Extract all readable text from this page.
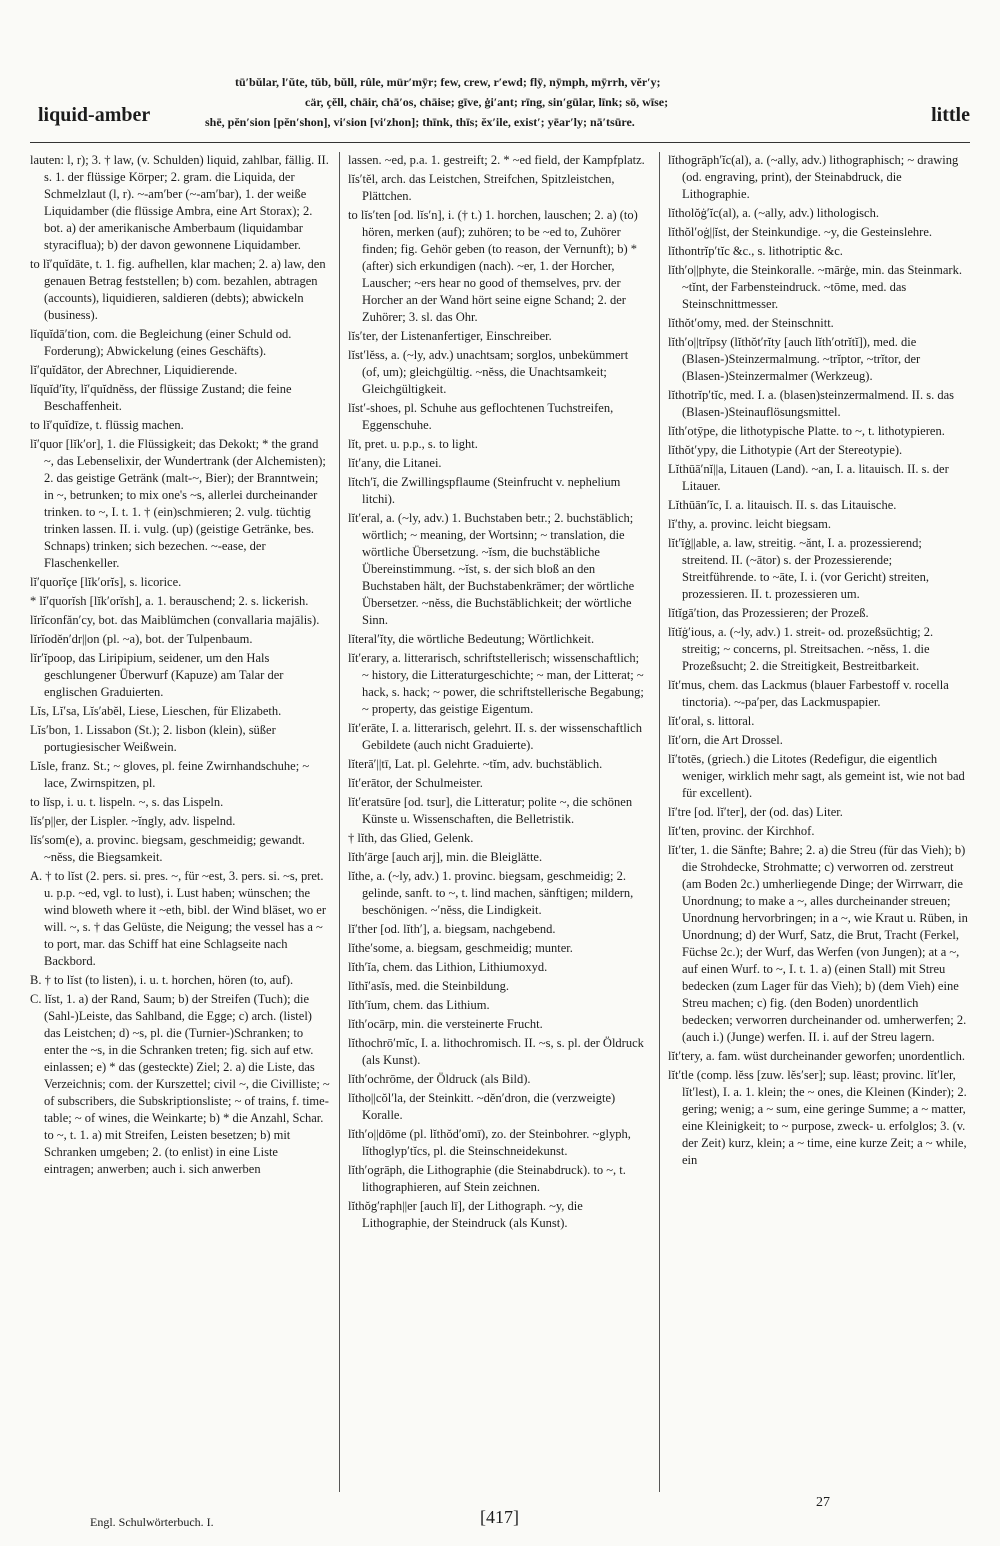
liquid-amber
tū′bŭlar, l′ŭte, tŭb, bŭll, rûle, mür′mȳr; few, crew, r′ewd; flȳ, nȳmph, mȳrrh, vĕr′y;
cär, çĕll, chāir, chā′os, chāise; gīve, ġi′ant; rīng, sin′gūlar, līnk; sō, wīse;
shē, pĕn′sion [pĕn′shon], vi′sion [vi′zhon]; thīnk, thīs; ĕx′ile, exist′; yēar′ly; nā′tsūre.	little

lauten: l, r); 3. † law, (v. Schulden) liquid, zahlbar, fällig. II. s. 1. der flüssige Körper; 2. gram. die Liquida, der Schmelzlaut (l, r). ~-am′ber (~-am′bar), 1. der weiße Liquidamber (die flüssige Ambra, eine Art Storax); 2. bot. a) der amerikanische Amberbaum (liquidambar styraciflua); b) der davon gewonnene Liquidamber.

to lĭ′quĭdāte, t. 1. fig. aufhellen, klar machen; 2. a) law, den genauen Betrag feststellen; b) com. bezahlen, abtragen (accounts), liquidieren, saldieren (debts); abwickeln (business).

lĭquĭdā′tion, com. die Begleichung (einer Schuld od. Forderung); Abwickelung (eines Geschäfts).

lĭ′quĭdātor, der Abrechner, Liquidierende.

lĭquĭd′ĭty, lĭ′quĭdnĕss, der flüssige Zustand; die feine Beschaffenheit.

to lĭ′quĭdīze, t. flüssig machen.

lĭ′quor [lĭk′or], 1. die Flüssigkeit; das Dekokt; * the grand ~, das Lebenselixir, der Wundertrank (der Alchemisten); 2. das geistige Getränk (malt-~, Bier); der Branntwein; in ~, betrunken; to mix one's ~s, allerlei durcheinander trinken. to ~, I. t. 1. † (ein)schmieren; 2. vulg. tüchtig trinken lassen. II. i. vulg. (up) (geistige Getränke, bes. Schnaps) trinken; sich bezechen. ~-ease, der Flaschenkeller.

lĭ′quorĭçe [lĭk′orĭs], s. licorice.

* lĭ′quorĭsh [lĭk′orĭsh], a. 1. berauschend; 2. s. lickerish.

lĭrĭconfăn′cy, bot. das Maiblümchen (convallaria majālis).

lĭrĭodĕn′dr||on (pl. ~a), bot. der Tulpenbaum.

lĭr′ĭpoop, das Liripipium, seidener, um den Hals geschlungener Überwurf (Kapuze) am Talar der englischen Graduierten.

Lĭs, Lĭ′sa, Lĭs′abĕl, Liese, Lieschen, für Elizabeth.

Lĭs′bon, 1. Lissabon (St.); 2. lisbon (klein), süßer portugiesischer Weißwein.

Lĭsle, franz. St.; ~ gloves, pl. feine Zwirnhandschuhe; ~ lace, Zwirnspitzen, pl.

to lĭsp, i. u. t. lispeln. ~, s. das Lispeln.

lĭs′p||er, der Lispler. ~ĭngly, adv. lispelnd.

lĭs′som(e), a. provinc. biegsam, geschmeidig; gewandt. ~nĕss, die Biegsamkeit.

A. † to lĭst (2. pers. si. pres. ~, für ~est, 3. pers. si. ~s, pret. u. p.p. ~ed, vgl. to lust), i. Lust haben; wünschen; the wind bloweth where it ~eth, bibl. der Wind bläset, wo er will. ~, s. † das Gelüste, die Neigung; the vessel has a ~ to port, mar. das Schiff hat eine Schlagseite nach Backbord.

B. † to lĭst (to listen), i. u. t. horchen, hören (to, auf).

C. lĭst, 1. a) der Rand, Saum; b) der Streifen (Tuch); die (Sahl-)Leiste, das Sahlband, die Egge; c) arch. (listel) das Leistchen; d) ~s, pl. die (Turnier-)Schranken; to enter the ~s, in die Schranken treten; fig. sich auf etw. einlassen; e) * das (gesteckte) Ziel; 2. a) die Liste, das Verzeichnis; com. der Kurszettel; civil ~, die Civilliste; ~ of subscribers, die Subskriptionsliste; ~ of trains, f. time-table; ~ of wines, die Weinkarte; b) * die Anzahl, Schar. to ~, t. 1. a) mit Streifen, Leisten besetzen; b) mit Schranken umgeben; 2. (to enlist) in eine Liste eintragen; anwerben; auch i. sich anwerben

lassen. ~ed, p.a. 1. gestreift; 2. * ~ed field, der Kampfplatz.

lĭs′tĕl, arch. das Leistchen, Streifchen, Spitzleistchen, Plättchen.

to lĭs′ten [od. lĭs′n], i. († t.) 1. horchen, lauschen; 2. a) (to) hören, merken (auf); zuhören; to be ~ed to, Zuhörer finden; fig. Gehör geben (to reason, der Vernunft); b) * (after) sich erkundigen (nach). ~er, 1. der Horcher, Lauscher; ~ers hear no good of themselves, prv. der Horcher an der Wand hört seine eigne Schand; 2. der Zuhörer; 3. sl. das Ohr.

lĭs′ter, der Listenanfertiger, Einschreiber.

lĭst′lĕss, a. (~ly, adv.) unachtsam; sorglos, unbekümmert (of, um); gleichgültig. ~nĕss, die Unachtsamkeit; Gleichgültigkeit.

lĭst′-shoes, pl. Schuhe aus geflochtenen Tuchstreifen, Eggenschuhe.

lĭt, pret. u. p.p., s. to light.

lĭt′any, die Litanei.

lĭtch′ĭ, die Zwillingspflaume (Steinfrucht v. nephelium litchi).

lĭt′eral, a. (~ly, adv.) 1. Buchstaben betr.; 2. buchstäblich; wörtlich; ~ meaning, der Wortsinn; ~ translation, die wörtliche Übersetzung. ~ĭsm, die buchstäbliche Übereinstimmung. ~ĭst, s. der sich bloß an den Buchstaben hält, der Buchstabenkrämer; der wörtliche Übersetzer. ~nĕss, die Buchstäblichkeit; der wörtliche Sinn.

lĭteral′ĭty, die wörtliche Bedeutung; Wörtlichkeit.

lĭt′erary, a. litterarisch, schriftstellerisch; wissenschaftlich; ~ history, die Litteraturgeschichte; ~ man, der Litterat; ~ hack, s. hack; ~ power, die schriftstellerische Begabung; ~ property, das geistige Eigentum.

lĭt′erāte, I. a. litterarisch, gelehrt. II. s. der wissenschaftlich Gebildete (auch nicht Graduierte).

lĭterā′||tī, Lat. pl. Gelehrte. ~tĭm, adv. buchstäblich.

lĭt′erātor, der Schulmeister.

lĭt′eratsūre [od. tsur], die Litteratur; polite ~, die schönen Künste u. Wissenschaften, die Belletristik.

† lĭth, das Glied, Gelenk.

lĭth′ārge [auch arj], min. die Bleiglätte.

lĭthe, a. (~ly, adv.) 1. provinc. biegsam, geschmeidig; 2. gelinde, sanft. to ~, t. lind machen, sänftigen; mildern, beschönigen. ~′nĕss, die Lindigkeit.

lĭ′ther [od. lĭth′], a. biegsam, nachgebend.

lĭthe′some, a. biegsam, geschmeidig; munter.

lĭth′ĭa, chem. das Lithion, Lithiumoxyd.

lĭthĭ′asĭs, med. die Steinbildung.

lĭth′ĭum, chem. das Lithium.

lĭth′ocārp, min. die versteinerte Frucht.

lĭthochrō′mĭc, I. a. lithochromisch. II. ~s, s. pl. der Öldruck (als Kunst).

lĭth′ochrōme, der Öldruck (als Bild).

lĭtho||cŏl′la, der Steinkitt. ~dĕn′dron, die (verzweigte) Koralle.

lĭth′o||dōme (pl. lĭthŏd′omī), zo. der Steinbohrer. ~glyph, lĭthoglyp′tĭcs, pl. die Steinschneidekunst.

lĭth′ogrāph, die Lithographie (die Steinabdruck). to ~, t. lithographieren, auf Stein zeichnen.

lĭthŏg′raph||er [auch lī], der Lithograph. ~y, die Lithographie, der Steindruck (als Kunst).

lĭthogrāph′ĭc(al), a. (~ally, adv.) lithographisch; ~ drawing (od. engraving, print), der Steinabdruck, die Lithographie.

lĭtholŏġ′ĭc(al), a. (~ally, adv.) lithologisch.

lĭthŏl′oġ||ĭst, der Steinkundige. ~y, die Gesteinslehre.

lĭthontrĭp′tĭc &c., s. lithotriptic &c.

lĭth′o||phyte, die Steinkoralle. ~mārġe, min. das Steinmark. ~tĭnt, der Farbensteindruck. ~tōme, med. das Steinschnittmesser.

lĭthŏt′omy, med. der Steinschnitt.

lĭth′o||trĭpsy (lĭthŏt′rĭty [auch lĭth′otrĭtĭ]), med. die (Blasen-)Steinzermalmung. ~trĭptor, ~trĭtor, der (Blasen-)Steinzermalmer (Werkzeug).

lĭthotrĭp′tĭc, med. I. a. (blasen)steinzermalmend. II. s. das (Blasen-)Steinauflösungsmittel.

lĭth′otȳpe, die lithotypische Platte. to ~, t. lithotypieren.

lĭthŏt′ypy, die Lithotypie (Art der Stereotypie).

Lĭthūā′nĭ||a, Litauen (Land). ~an, I. a. litauisch. II. s. der Litauer.

Lĭthūān′ĭc, I. a. litauisch. II. s. das Litauische.

lĭ′thy, a. provinc. leicht biegsam.

lĭt′ĭġ||able, a. law, streitig. ~ănt, I. a. prozessierend; streitend. II. (~ātor) s. der Prozessierende; Streitführende. to ~āte, I. i. (vor Gericht) streiten, prozessieren. II. t. prozessieren um.

lĭtĭgā′tion, das Prozessieren; der Prozeß.

lĭtĭġ′ious, a. (~ly, adv.) 1. streit- od. prozeßsüchtig; 2. streitig; ~ concerns, pl. Streitsachen. ~nĕss, 1. die Prozeßsucht; 2. die Streitigkeit, Bestreitbarkeit.

lĭt′mus, chem. das Lackmus (blauer Farbestoff v. rocella tinctoria). ~-pa′per, das Lackmuspapier.

lĭt′oral, s. littoral.

lĭt′orn, die Art Drossel.

lĭ′totēs, (griech.) die Litotes (Redefigur, die eigentlich weniger, wirklich mehr sagt, als gemeint ist, wie not bad für excellent).

lĭ′tre [od. lĭ′ter], der (od. das) Liter.

lĭt′ten, provinc. der Kirchhof.

lĭt′ter, 1. die Sänfte; Bahre; 2. a) die Streu (für das Vieh); b) die Strohdecke, Strohmatte; c) verworren od. zerstreut (am Boden 2c.) umherliegende Dinge; der Wirrwarr, die Unordnung; to make a ~, alles durcheinander streuen; Unordnung hervorbringen; in a ~, wie Kraut u. Rüben, in Unordnung; d) der Wurf, Satz, die Brut, Tracht (Ferkel, Füchse 2c.); der Wurf, das Werfen (von Jungen); at a ~, auf einen Wurf. to ~, I. t. 1. a) (einen Stall) mit Streu bedecken (zum Lager für das Vieh); b) (dem Vieh) eine Streu machen; c) fig. (den Boden) unordentlich bedecken; verworren durcheinander od. umherwerfen; 2. (auch i.) (Junge) werfen. II. i. auf der Streu lagern.

lĭt′tery, a. fam. wüst durcheinander geworfen; unordentlich.

lĭt′tle (comp. lĕss [zuw. lĕs′ser]; sup. lēast; provinc. lĭt′ler, lĭt′lest), I. a. 1. klein; the ~ ones, die Kleinen (Kinder); 2. gering; wenig; a ~ sum, eine geringe Summe; a ~ matter, eine Kleinigkeit; to ~ purpose, zweck- u. erfolglos; 3. (v. der Zeit) kurz, klein; a ~ time, eine kurze Zeit; a ~ while, ein

Engl. Schulwörterbuch. I.	[417]
27
